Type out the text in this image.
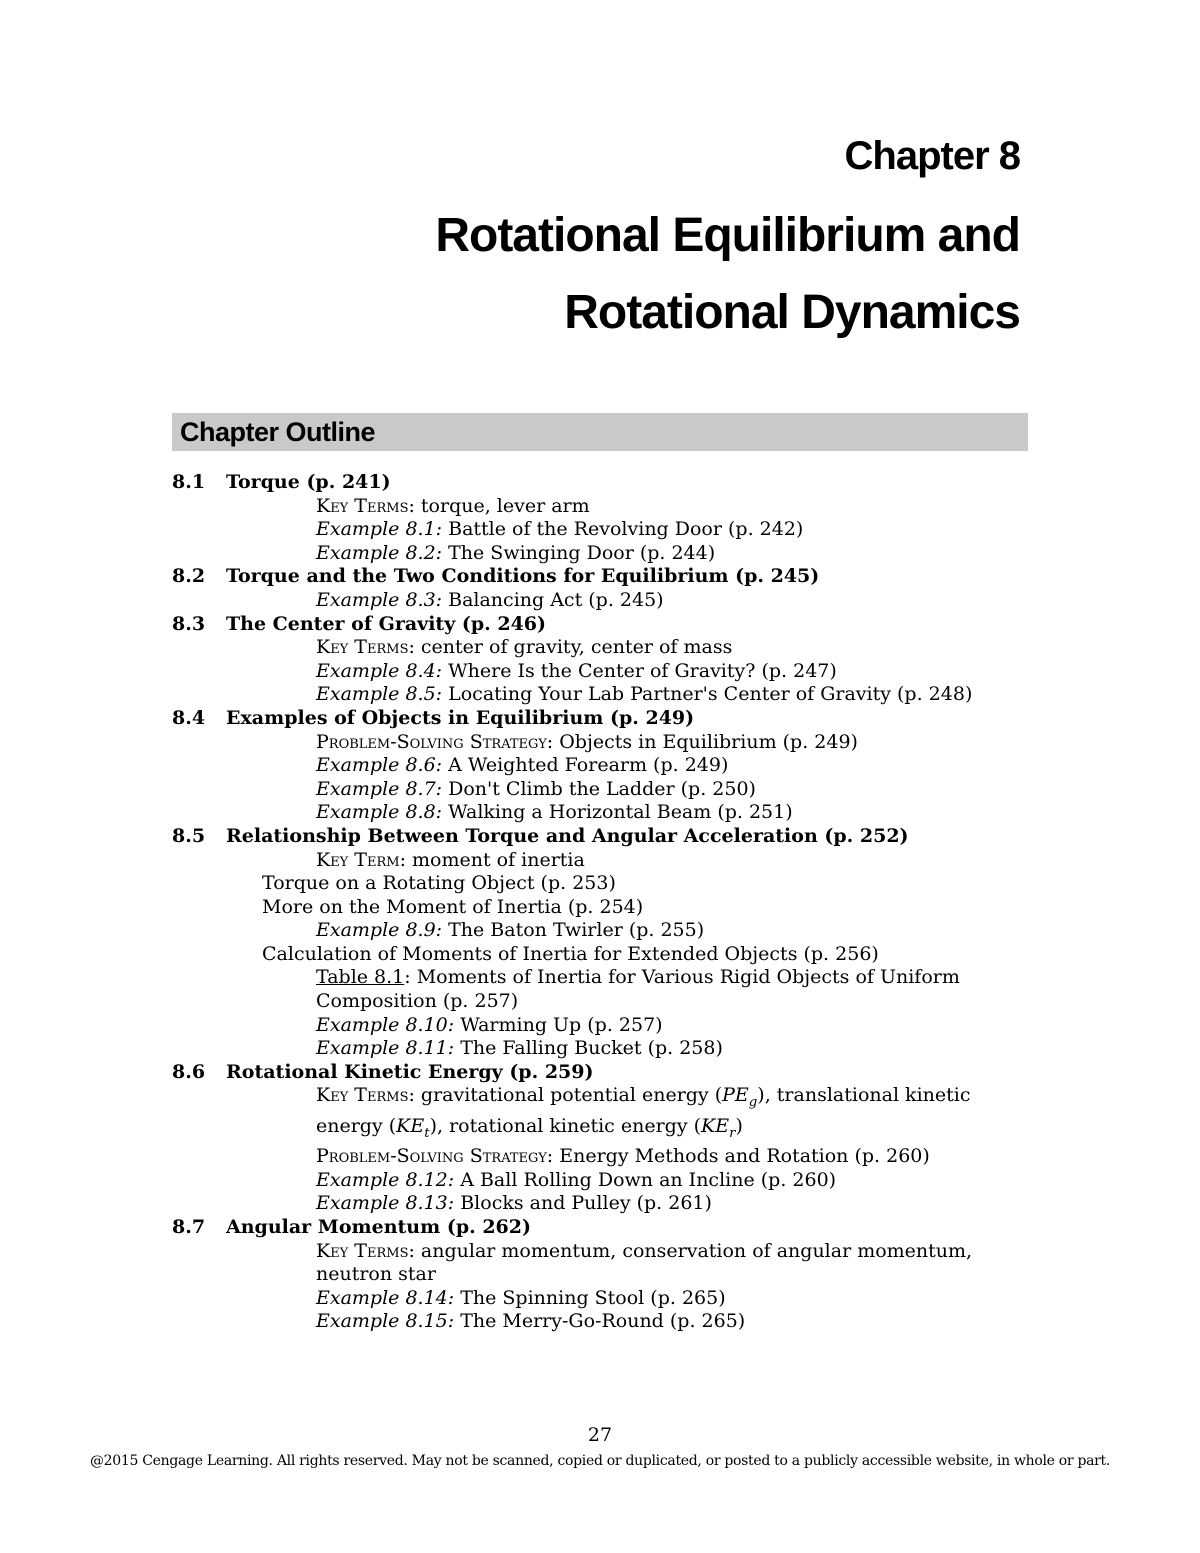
Chapter 8
Rotational Equilibrium and
Rotational Dynamics
Chapter Outline
8.1 Torque (p. 241)
Key Terms: torque, lever arm
Example 8.1: Battle of the Revolving Door (p. 242)
Example 8.2: The Swinging Door (p. 244)
8.2 Torque and the Two Conditions for Equilibrium (p. 245)
Example 8.3: Balancing Act (p. 245)
8.3 The Center of Gravity (p. 246)
Key Terms: center of gravity, center of mass
Example 8.4: Where Is the Center of Gravity? (p. 247)
Example 8.5: Locating Your Lab Partner's Center of Gravity (p. 248)
8.4 Examples of Objects in Equilibrium (p. 249)
Problem-Solving Strategy: Objects in Equilibrium (p. 249)
Example 8.6: A Weighted Forearm (p. 249)
Example 8.7: Don't Climb the Ladder (p. 250)
Example 8.8: Walking a Horizontal Beam (p. 251)
8.5 Relationship Between Torque and Angular Acceleration (p. 252)
Key Term: moment of inertia
Torque on a Rotating Object (p. 253)
More on the Moment of Inertia (p. 254)
Example 8.9: The Baton Twirler (p. 255)
Calculation of Moments of Inertia for Extended Objects (p. 256)
Table 8.1: Moments of Inertia for Various Rigid Objects of Uniform Composition (p. 257)
Example 8.10: Warming Up (p. 257)
Example 8.11: The Falling Bucket (p. 258)
8.6 Rotational Kinetic Energy (p. 259)
Key Terms: gravitational potential energy $(PE_g)$, translational kinetic energy $(KE_t)$, rotational kinetic energy $(KE_r)$
Problem-Solving Strategy: Energy Methods and Rotation (p. 260)
Example 8.12: A Ball Rolling Down an Incline (p. 260)
Example 8.13: Blocks and Pulley (p. 261)
8.7 Angular Momentum (p. 262)
Key Terms: angular momentum, conservation of angular momentum, neutron star
Example 8.14: The Spinning Stool (p. 265)
Example 8.15: The Merry-Go-Round (p. 265)
27
@2015 Cengage Learning. All rights reserved. May not be scanned, copied or duplicated, or posted to a publicly accessible website, in whole or part.
